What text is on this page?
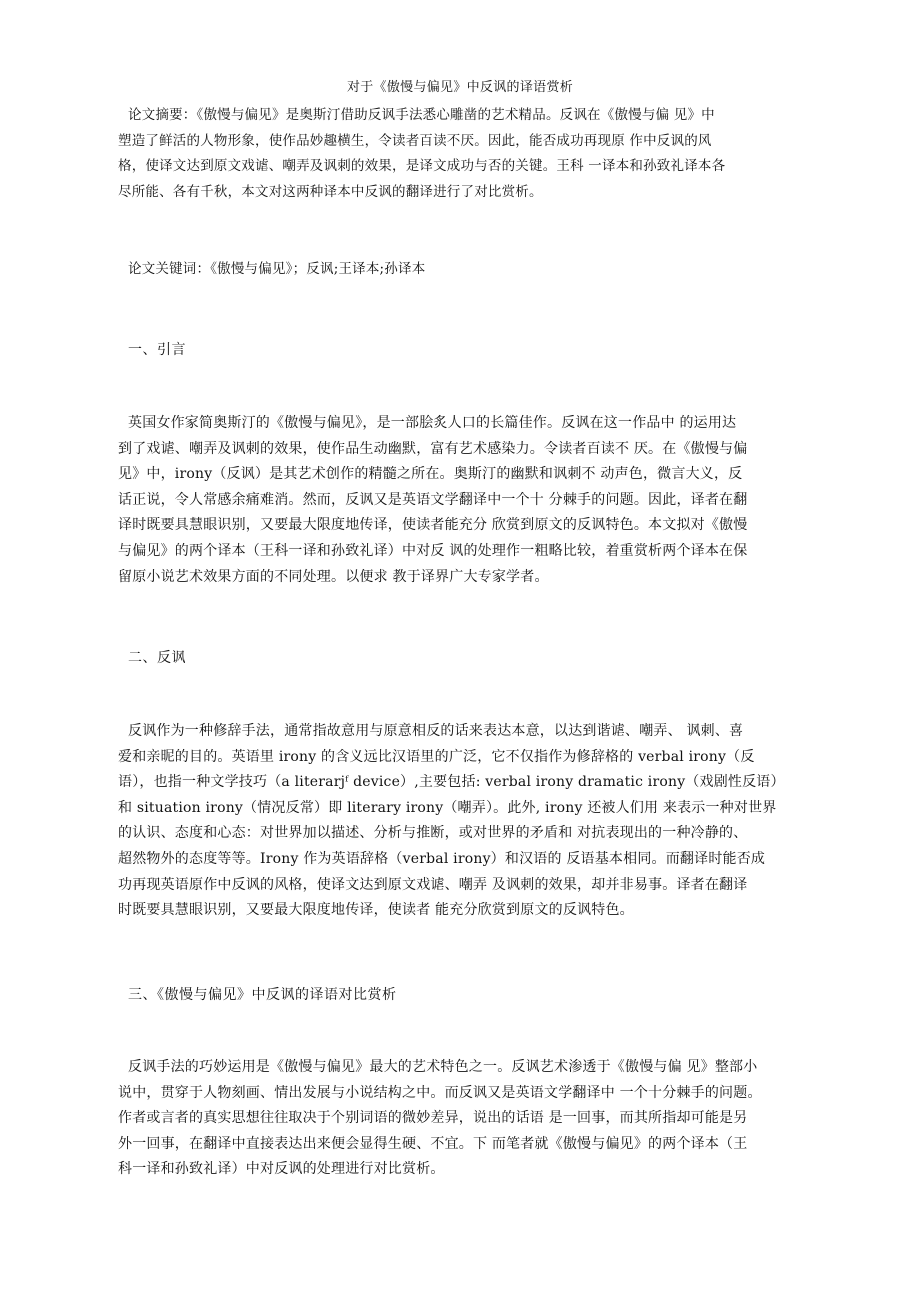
对于《傲慢与偏见》中反讽的译语赏析
论文摘要：《傲慢与偏见》是奥斯汀借助反讽手法悉心雕凿的艺术精品。反讽在《傲慢与偏 见》中
塑造了鲜活的人物形象，使作品妙趣横生，令读者百读不厌。因此，能否成功再现原 作中反讽的风
格，使译文达到原文戏谑、嘲弄及讽刺的效果，是译文成功与否的关键。王科 一译本和孙致礼译本各
尽所能、各有千秋，本文对这两种译本中反讽的翻译进行了对比赏析。
论文关键词：《傲慢与偏见》；反讽;王译本;孙译本
一、引言
英国女作家简奥斯汀的《傲慢与偏见》，是一部脍炙人口的长篇佳作。反讽在这一作品中 的运用达
到了戏谑、嘲弄及讽刺的效果，使作品生动幽默，富有艺术感染力。令读者百读不 厌。在《傲慢与偏
见》中，irony（反讽）是其艺术创作的精髓之所在。奥斯汀的幽默和讽刺不 动声色，微言大义，反
话正说，令人常感余痛难消。然而，反讽又是英语文学翻译中一个十 分棘手的问题。因此，译者在翻
译时既要具慧眼识别，又要最大限度地传译，使读者能充分 欣赏到原文的反讽特色。本文拟对《傲慢
与偏见》的两个译本（王科一译和孙致礼译）中对反 讽的处理作一粗略比较，着重赏析两个译本在保
留原小说艺术效果方面的不同处理。以便求 教于译界广大专家学者。
二、反讽
反讽作为一种修辞手法，通常指故意用与原意相反的话来表达本意，以达到谐谑、嘲弄、 讽刺、喜
爱和亲昵的目的。英语里 irony 的含义远比汉语里的广泛，它不仅指作为修辞格的 verbal irony（反
语），也指一种文学技巧（a literarjᶠ device）,主要包括: verbal irony dramatic irony（戏剧性反语）
和 situation irony（情况反常）即 literary irony（嘲弄）。此外, irony 还被人们用 来表示一种对世界
的认识、态度和心态：对世界加以描述、分析与推断，或对世界的矛盾和 对抗表现出的一种冷静的、
超然物外的态度等等。Irony 作为英语辞格（verbal irony）和汉语的 反语基本相同。而翻译时能否成
功再现英语原作中反讽的风格，使译文达到原文戏谑、嘲弄 及讽刺的效果，却并非易事。译者在翻译
时既要具慧眼识别，又要最大限度地传译，使读者 能充分欣赏到原文的反讽特色。
三、《傲慢与偏见》中反讽的译语对比赏析
反讽手法的巧妙运用是《傲慢与偏见》最大的艺术特色之一。反讽艺术渗透于《傲慢与偏 见》整部小
说中，贯穿于人物刻画、情出发展与小说结构之中。而反讽又是英语文学翻译中 一个十分棘手的问题。
作者或言者的真实思想往往取决于个别词语的微妙差异，说出的话语 是一回事，而其所指却可能是另
外一回事，在翻译中直接表达出来便会显得生硬、不宜。下 而笔者就《傲慢与偏见》的两个译本（王
科一译和孙致礼译）中对反讽的处理进行对比赏析。
